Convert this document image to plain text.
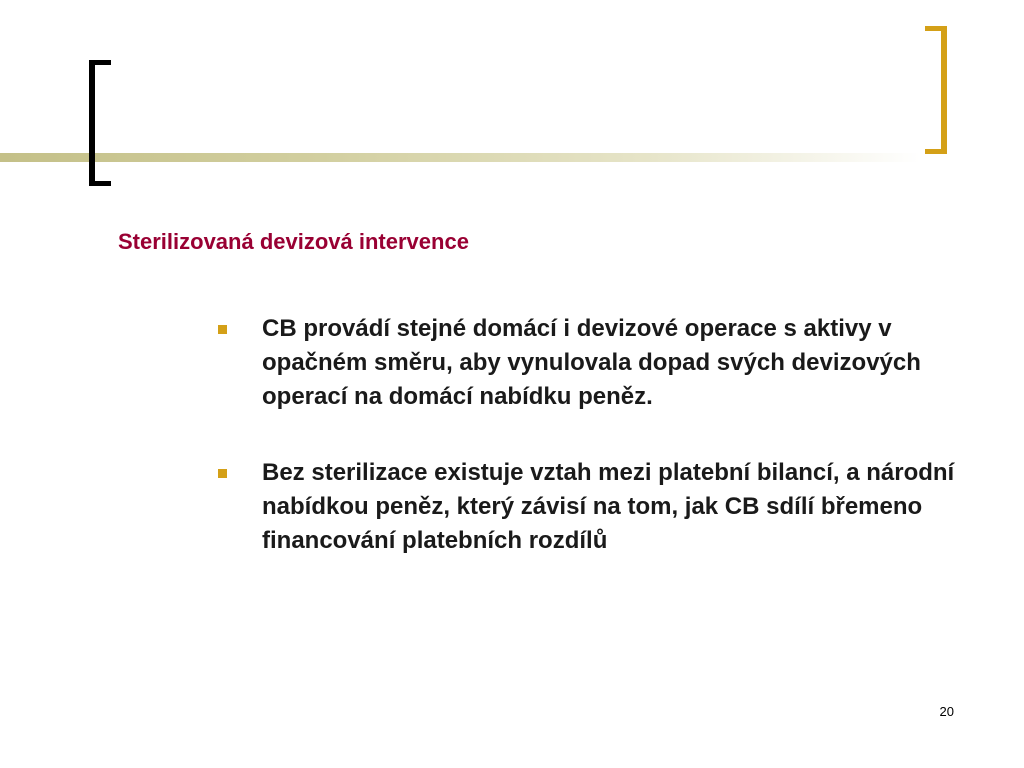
Sterilizovaná devizová intervence
CB provádí stejné domácí i devizové operace s aktivy v opačném směru, aby vynulovala dopad svých devizových operací na domácí nabídku peněz.
Bez sterilizace existuje vztah mezi platební bilancí, a národní nabídkou peněz, který závisí na tom, jak CB sdílí břemeno financování platebních rozdílů
20
